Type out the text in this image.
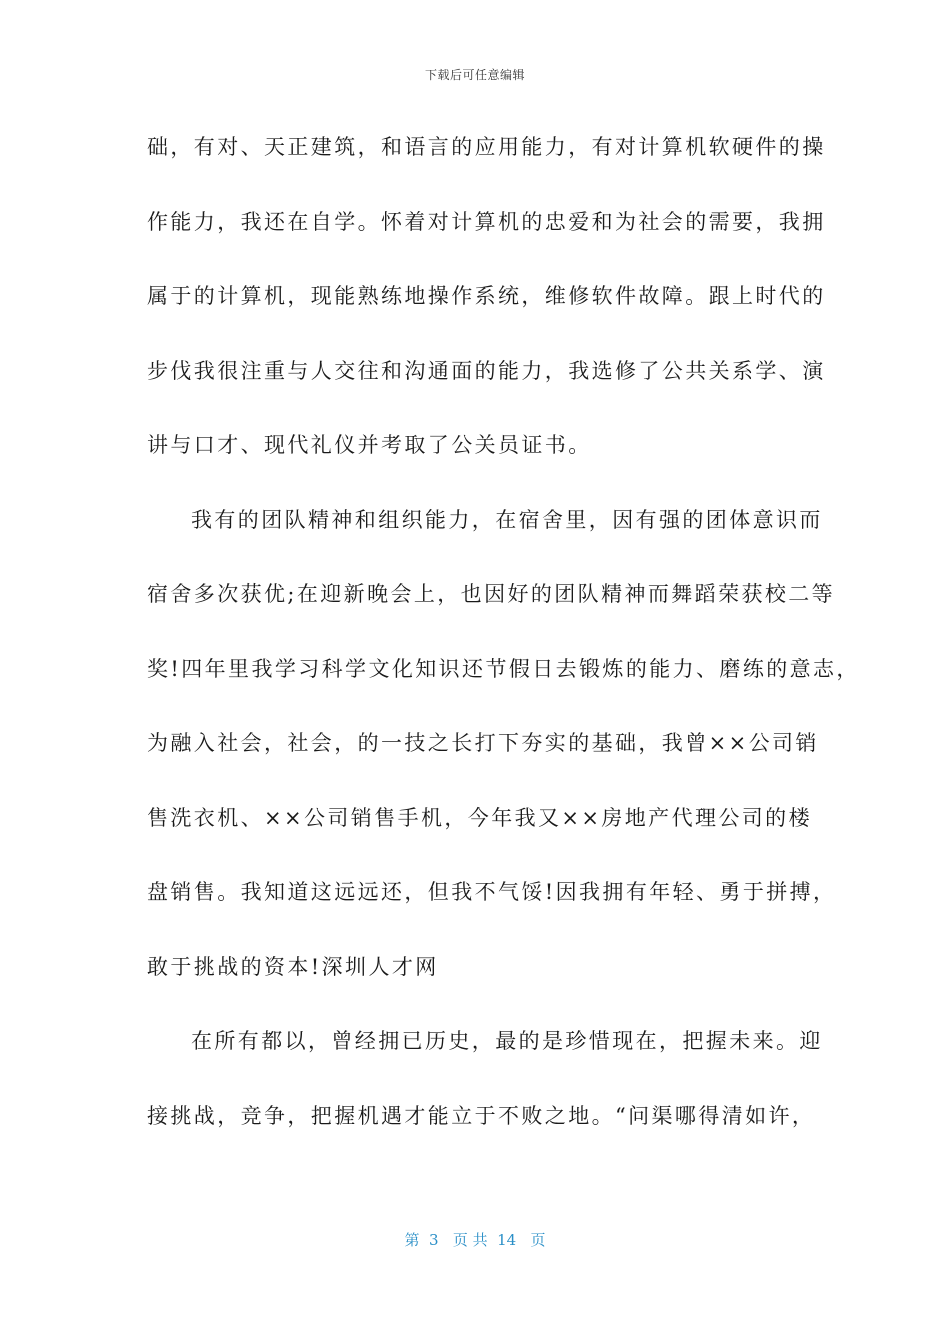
下载后可任意编辑
础，有对、天正建筑，和语言的应用能力，有对计算机软硬件的操
作能力，我还在自学。怀着对计算机的忠爱和为社会的需要，我拥
属于的计算机，现能熟练地操作系统，维修软件故障。跟上时代的
步伐我很注重与人交往和沟通面的能力，我选修了公共关系学、演
讲与口才、现代礼仪并考取了公关员证书。
我有的团队精神和组织能力，在宿舍里，因有强的团体意识而
宿舍多次获优;在迎新晚会上，也因好的团队精神而舞蹈荣获校二等
奖!四年里我学习科学文化知识还节假日去锻炼的能力、磨练的意志，
为融入社会，社会，的一技之长打下夯实的基础，我曾××公司销
售洗衣机、××公司销售手机，今年我又××房地产代理公司的楼
盘销售。我知道这远远还，但我不气馁!因我拥有年轻、勇于拼搏，
敢于挑战的资本!深圳人才网
在所有都以，曾经拥已历史，最的是珍惜现在，把握未来。迎
接挑战，竞争，把握机遇才能立于不败之地。“问渠哪得清如许，
第  3   页 共  14   页
